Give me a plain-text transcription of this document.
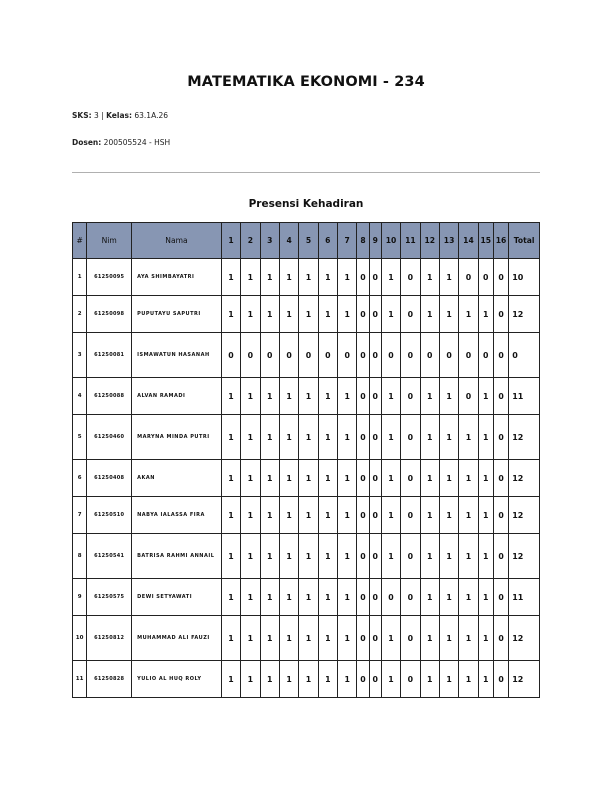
MATEMATIKA EKONOMI - 234
SKS: 3 | Kelas: 63.1A.26
Dosen: 200505524 - HSH
Presensi Kehadiran
#	Nim	Nama	1	2	3	4	5	6	7	8	9	10	11	12	13	14	15	16	Total
1	61250095	AYA SHIMBAYATRI	1	1	1	1	1	1	1	0	0	1	0	1	1	0	0	0	10
2	61250098	PUPUTAYU SAPUTRI	1	1	1	1	1	1	1	0	0	1	0	1	1	1	1	0	12
3	61250081	ISMAWATUN HASANAH	0	0	0	0	0	0	0	0	0	0	0	0	0	0	0	0	0
4	61250088	ALVAN RAMADI	1	1	1	1	1	1	1	0	0	1	0	1	1	0	1	0	11
5	61250460	MARYNA MINDA PUTRI	1	1	1	1	1	1	1	0	0	1	0	1	1	1	1	0	12
6	61250408	AKAN	1	1	1	1	1	1	1	0	0	1	0	1	1	1	1	0	12
7	61250510	NABYA IALASSA FIRA	1	1	1	1	1	1	1	0	0	1	0	1	1	1	1	0	12
8	61250541	BATRISA RAHMI ANNAIL	1	1	1	1	1	1	1	0	0	1	0	1	1	1	1	0	12
9	61250575	DEWI SETYAWATI	1	1	1	1	1	1	1	0	0	0	0	1	1	1	1	0	11
10	61250812	MUHAMMAD ALI FAUZI	1	1	1	1	1	1	1	0	0	1	0	1	1	1	1	0	12
11	61250828	YULIO AL HUQ ROLY	1	1	1	1	1	1	1	0	0	1	0	1	1	1	1	0	12
